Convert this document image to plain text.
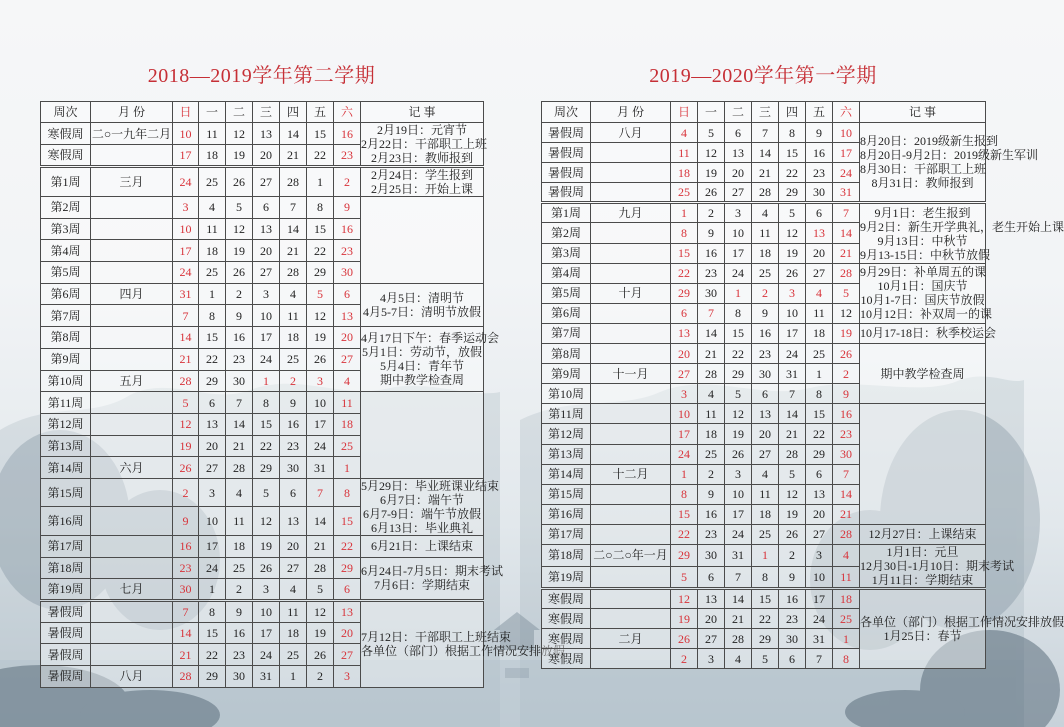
2018—2019学年第二学期	2019—2020学年第一学期
周次	月 份	日	一	二	三	四	五	六	记 事
寒假周	二○一九年二月	10	11	12	13	14	15	16	2月19日：元宵节
2月22日：干部职工上班
2月23日：教师报到

寒假周		17	18	19	20	21	22	23	
第1周	三月	24	25	26	27	28	1	2	2月24日：学生报到
2月25日：开始上课

第2周		3	4	5	6	7	8	9	
第3周		10	11	12	13	14	15	16	
第4周		17	18	19	20	21	22	23	
第5周		24	25	26	27	28	29	30	
第6周	四月	31	1	2	3	4	5	6	4月5日：清明节
4月5-7日：清明节放假

第7周		7	8	9	10	11	12	13	
第8周		14	15	16	17	18	19	20	4月17日下午：春季运动会
5月1日：劳动节，放假
5月4日：青年节
期中教学检查周

第9周		21	22	23	24	25	26	27	
第10周	五月	28	29	30	1	2	3	4	
第11周		5	6	7	8	9	10	11	
第12周		12	13	14	15	16	17	18	
第13周		19	20	21	22	23	24	25	
第14周	六月	26	27	28	29	30	31	1	
第15周		2	3	4	5	6	7	8	5月29日：毕业班课业结束
6月7日：端午节
6月7-9日：端午节放假
6月13日：毕业典礼

第16周		9	10	11	12	13	14	15	
第17周		16	17	18	19	20	21	22	6月21日：上课结束

第18周		23	24	25	26	27	28	29	6月24日-7月5日：期末考试
7月6日：学期结束

第19周	七月	30	1	2	3	4	5	6	
暑假周		7	8	9	10	11	12	13	7月12日：干部职工上班结束
各单位（部门）根据工作情况安排放假

暑假周		14	15	16	17	18	19	20	
暑假周		21	22	23	24	25	26	27	
暑假周	八月	28	29	30	31	1	2	3	
周次	月 份	日	一	二	三	四	五	六	记 事
暑假周	八月	4	5	6	7	8	9	10	8月20日：2019级新生报到
8月20日-9月2日：2019级新生军训
8月30日：干部职工上班
8月31日：教师报到

暑假周		11	12	13	14	15	16	17	
暑假周		18	19	20	21	22	23	24	
暑假周		25	26	27	28	29	30	31	
第1周	九月	1	2	3	4	5	6	7	9月1日：老生报到
9月2日：新生开学典礼，老生开始上课
9月13日：中秋节
9月13-15日：中秋节放假

第2周		8	9	10	11	12	13	14	
第3周		15	16	17	18	19	20	21	
第4周		22	23	24	25	26	27	28	9月29日：补单周五的课
10月1日：国庆节
10月1-7日：国庆节放假
10月12日：补双周一的课

第5周	十月	29	30	1	2	3	4	5	
第6周		6	7	8	9	10	11	12	
第7周		13	14	15	16	17	18	19	10月17-18日：秋季校运会

第8周		20	21	22	23	24	25	26	期中教学检查周

第9周	十一月	27	28	29	30	31	1	2	
第10周		3	4	5	6	7	8	9	
第11周		10	11	12	13	14	15	16	
第12周		17	18	19	20	21	22	23	
第13周		24	25	26	27	28	29	30	
第14周	十二月	1	2	3	4	5	6	7	
第15周		8	9	10	11	12	13	14	
第16周		15	16	17	18	19	20	21	
第17周		22	23	24	25	26	27	28	12月27日：上课结束

第18周	二○二○年一月	29	30	31	1	2	3	4	1月1日：元旦
12月30日-1月10日：期末考试
1月11日：学期结束

第19周		5	6	7	8	9	10	11	
寒假周		12	13	14	15	16	17	18	各单位（部门）根据工作情况安排放假
1月25日：春节

寒假周		19	20	21	22	23	24	25	
寒假周	二月	26	27	28	29	30	31	1	
寒假周		2	3	4	5	6	7	8	
